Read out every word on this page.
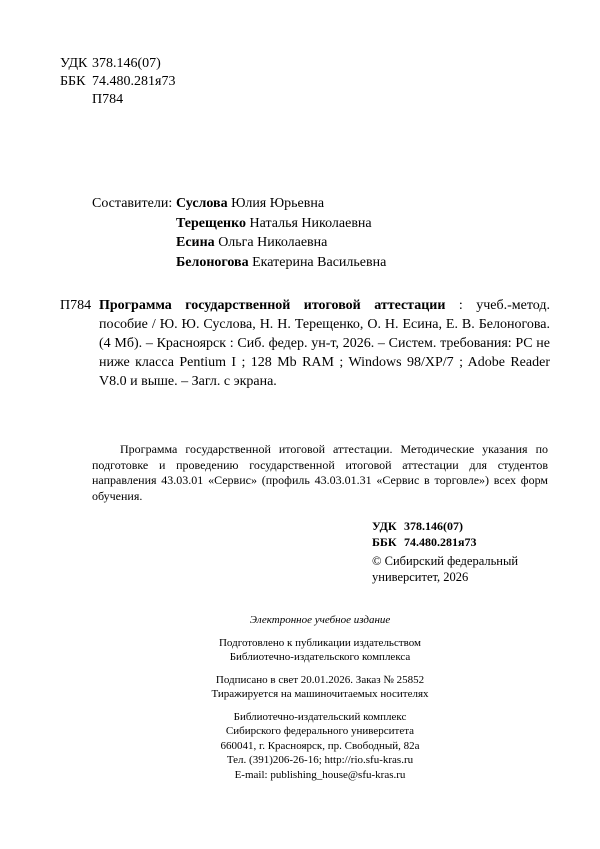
УДК 378.146(07)
ББК 74.480.281я73
П784
Составители: Суслова Юлия Юрьевна
Терещенко Наталья Николаевна
Есина Ольга Николаевна
Белоногова Екатерина Васильевна
П784 Программа государственной итоговой аттестации : учеб.-метод. пособие / Ю. Ю. Суслова, Н. Н. Терещенко, О. Н. Есина, Е. В. Белоногова. (4 Мб). – Красноярск : Сиб. федер. ун-т, 2026. – Систем. требования: PC не ниже класса Pentium I ; 128 Mb RAM ; Windows 98/XP/7 ; Adobe Reader V8.0 и выше. – Загл. с экрана.
Программа государственной итоговой аттестации. Методические указания по подготовке и проведению государственной итоговой аттестации для студентов направления 43.03.01 «Сервис» (профиль 43.03.01.31 «Сервис в торговле») всех форм обучения.
УДК 378.146(07)
ББК 74.480.281я73
© Сибирский федеральный
университет, 2026
Электронное учебное издание
Подготовлено к публикации издательством
Библиотечно-издательского комплекса
Подписано в свет 20.01.2026. Заказ № 25852
Тиражируется на машиночитаемых носителях
Библиотечно-издательский комплекс
Сибирского федерального университета
660041, г. Красноярск, пр. Свободный, 82а
Тел. (391)206-26-16; http://rio.sfu-kras.ru
E-mail: publishing_house@sfu-kras.ru
